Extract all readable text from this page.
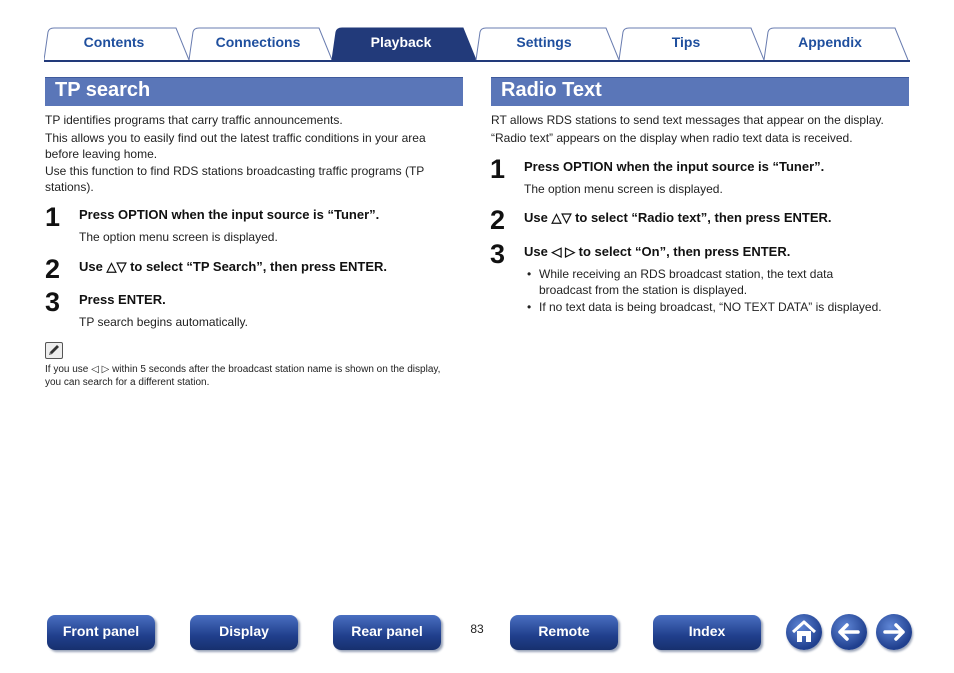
Contents	Connections	Playback	Settings	Tips	Appendix
TP search
TP identifies programs that carry traffic announcements.
This allows you to easily find out the latest traffic conditions in your area before leaving home.
Use this function to find RDS stations broadcasting traffic programs (TP stations).
1 Press OPTION when the input source is “Tuner”.
The option menu screen is displayed.
2 Use △▽ to select “TP Search”, then press ENTER.
3 Press ENTER.
TP search begins automatically.
If you use ◁ ▷ within 5 seconds after the broadcast station name is shown on the display, you can search for a different station.
Radio Text
RT allows RDS stations to send text messages that appear on the display.
“Radio text” appears on the display when radio text data is received.
1 Press OPTION when the input source is “Tuner”.
The option menu screen is displayed.
2 Use △▽ to select “Radio text”, then press ENTER.
3 Use ◁ ▷ to select “On”, then press ENTER.
• While receiving an RDS broadcast station, the text data broadcast from the station is displayed.
• If no text data is being broadcast, “NO TEXT DATA” is displayed.
Front panel	Display	Rear panel	83	Remote	Index
